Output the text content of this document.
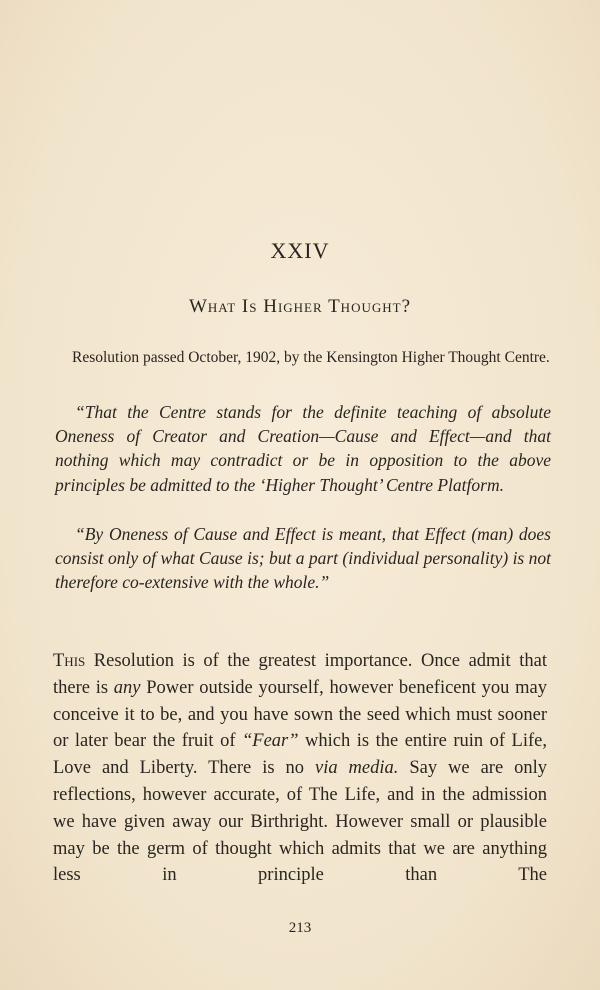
XXIV
What Is Higher Thought?
Resolution passed October, 1902, by the Kensington Higher Thought Centre.

“That the Centre stands for the definite teaching of absolute Oneness of Creator and Creation—Cause and Effect—and that nothing which may contradict or be in opposition to the above principles be admitted to the ‘Higher Thought’ Centre Platform.

“By Oneness of Cause and Effect is meant, that Effect (man) does consist only of what Cause is; but a part (individual personality) is not therefore co-extensive with the whole.”

This Resolution is of the greatest importance. Once admit that there is any Power outside yourself, however beneficent you may conceive it to be, and you have sown the seed which must sooner or later bear the fruit of “Fear” which is the entire ruin of Life, Love and Liberty. There is no via media. Say we are only reflections, however accurate, of The Life, and in the admission we have given away our Birthright. However small or plausible may be the germ of thought which admits that we are anything less in principle than The

213
